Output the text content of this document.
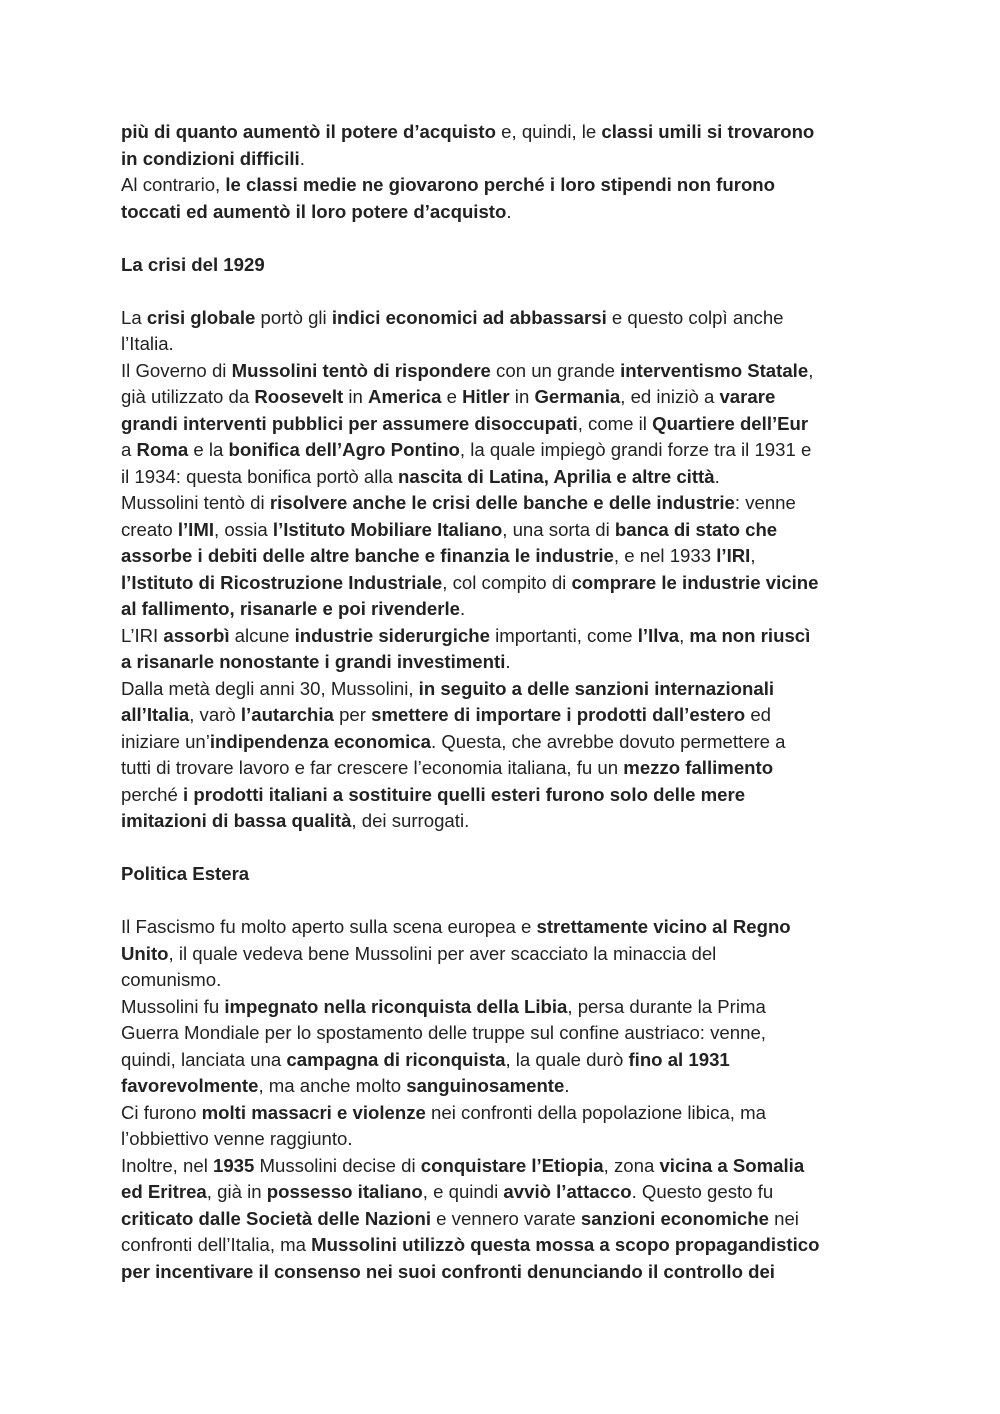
più di quanto aumentò il potere d’acquisto e, quindi, le classi umili si trovarono

in condizioni difficili.

Al contrario, le classi medie ne giovarono perché i loro stipendi non furono

toccati ed aumentò il loro potere d’acquisto.

La crisi del 1929

La crisi globale portò gli indici economici ad abbassarsi e questo colpì anche

l’Italia.

Il Governo di Mussolini tentò di rispondere con un grande interventismo Statale,

già utilizzato da Roosevelt in America e Hitler in Germania, ed iniziò a varare

grandi interventi pubblici per assumere disoccupati, come il Quartiere dell’Eur

a Roma e la bonifica dell’Agro Pontino, la quale impiegò grandi forze tra il 1931 e

il 1934: questa bonifica portò alla nascita di Latina, Aprilia e altre città.

Mussolini tentò di risolvere anche le crisi delle banche e delle industrie: venne

creato l’IMI, ossia l’Istituto Mobiliare Italiano, una sorta di banca di stato che

assorbe i debiti delle altre banche e finanzia le industrie, e nel 1933 l’IRI,

l’Istituto di Ricostruzione Industriale, col compito di comprare le industrie vicine

al fallimento, risanarle e poi rivenderle.

L’IRI assorbì alcune industrie siderurgiche importanti, come l’Ilva, ma non riuscì

a risanarle nonostante i grandi investimenti.

Dalla metà degli anni 30, Mussolini, in seguito a delle sanzioni internazionali

all’Italia, varò l’autarchia per smettere di importare i prodotti dall’estero ed

iniziare un’indipendenza economica. Questa, che avrebbe dovuto permettere a

tutti di trovare lavoro e far crescere l’economia italiana, fu un mezzo fallimento

perché i prodotti italiani a sostituire quelli esteri furono solo delle mere

imitazioni di bassa qualità, dei surrogati.

Politica Estera

Il Fascismo fu molto aperto sulla scena europea e strettamente vicino al Regno

Unito, il quale vedeva bene Mussolini per aver scacciato la minaccia del

comunismo.

Mussolini fu impegnato nella riconquista della Libia, persa durante la Prima

Guerra Mondiale per lo spostamento delle truppe sul confine austriaco: venne,

quindi, lanciata una campagna di riconquista, la quale durò fino al 1931

favorevolmente, ma anche molto sanguinosamente.

Ci furono molti massacri e violenze nei confronti della popolazione libica, ma

l’obbiettivo venne raggiunto.

Inoltre, nel 1935 Mussolini decise di conquistare l’Etiopia, zona vicina a Somalia

ed Eritrea, già in possesso italiano, e quindi avviò l’attacco. Questo gesto fu

criticato dalle Società delle Nazioni e vennero varate sanzioni economiche nei

confronti dell’Italia, ma Mussolini utilizzò questa mossa a scopo propagandistico

per incentivare il consenso nei suoi confronti denunciando il controllo dei
